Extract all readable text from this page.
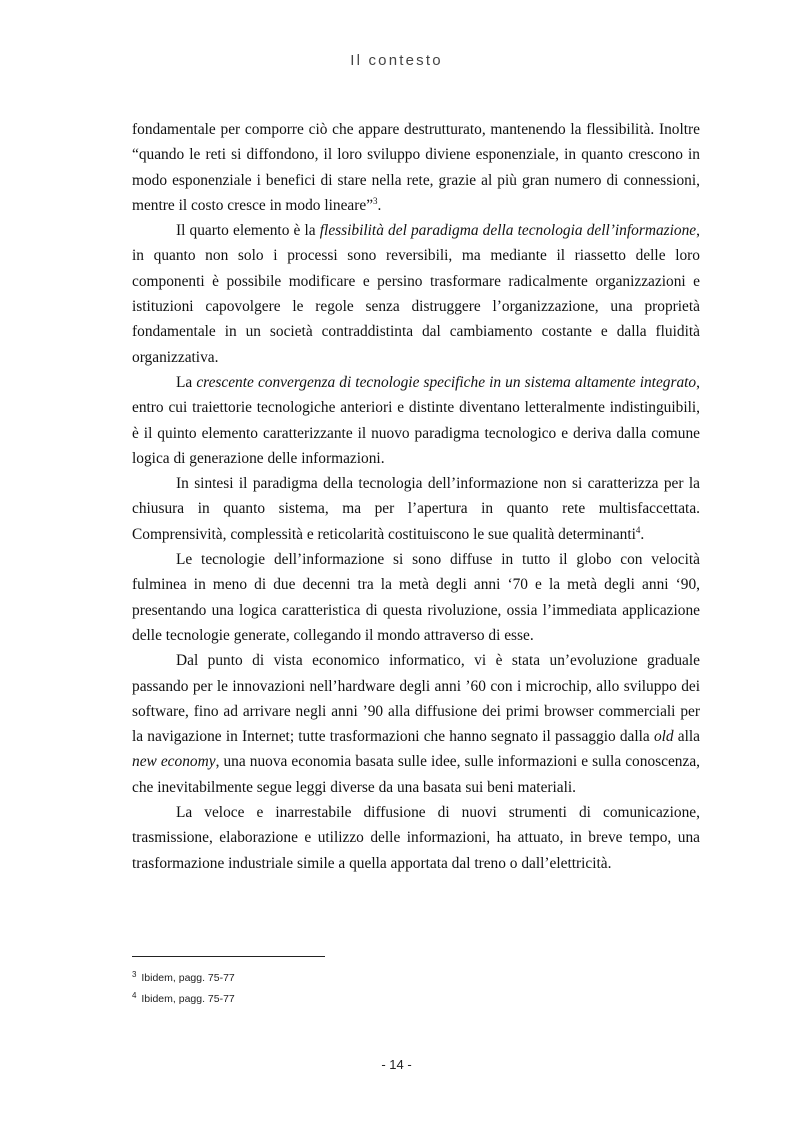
Il contesto

fondamentale per comporre ciò che appare destrutturato, mantenendo la flessibilità. Inoltre “quando le reti si diffondono, il loro sviluppo diviene esponenziale, in quanto crescono in modo esponenziale i benefici di stare nella rete, grazie al più gran numero di connessioni, mentre il costo cresce in modo lineare”$^3$.

Il quarto elemento è la flessibilità del paradigma della tecnologia dell’informazione, in quanto non solo i processi sono reversibili, ma mediante il riassetto delle loro componenti è possibile modificare e persino trasformare radicalmente organizzazioni e istituzioni capovolgere le regole senza distruggere l’organizzazione, una proprietà fondamentale in un società contraddistinta dal cambiamento costante e dalla fluidità organizzativa.

La crescente convergenza di tecnologie specifiche in un sistema altamente integrato, entro cui traiettorie tecnologiche anteriori e distinte diventano letteralmente indistinguibili, è il quinto elemento caratterizzante il nuovo paradigma tecnologico e deriva dalla comune logica di generazione delle informazioni.

In sintesi il paradigma della tecnologia dell’informazione non si caratterizza per la chiusura in quanto sistema, ma per l’apertura in quanto rete multisfaccettata. Comprensività, complessità e reticolarità costituiscono le sue qualità determinanti$^4$.

Le tecnologie dell’informazione si sono diffuse in tutto il globo con velocità fulminea in meno di due decenni tra la metà degli anni ‘70 e la metà degli anni ‘90, presentando una logica caratteristica di questa rivoluzione, ossia l’immediata applicazione delle tecnologie generate, collegando il mondo attraverso di esse.

Dal punto di vista economico informatico, vi è stata un’evoluzione graduale passando per le innovazioni nell’hardware degli anni ’60 con i microchip, allo sviluppo dei software, fino ad arrivare negli anni ’90 alla diffusione dei primi browser commerciali per la navigazione in Internet; tutte trasformazioni che hanno segnato il passaggio dalla old alla new economy, una nuova economia basata sulle idee, sulle informazioni e sulla conoscenza, che inevitabilmente segue leggi diverse da una basata sui beni materiali.

La veloce e inarrestabile diffusione di nuovi strumenti di comunicazione, trasmissione, elaborazione e utilizzo delle informazioni, ha attuato, in breve tempo, una trasformazione industriale simile a quella apportata dal treno o dall’elettricità.

$^3$ Ibidem, pagg. 75-77
$^4$ Ibidem, pagg. 75-77
- 14 -
